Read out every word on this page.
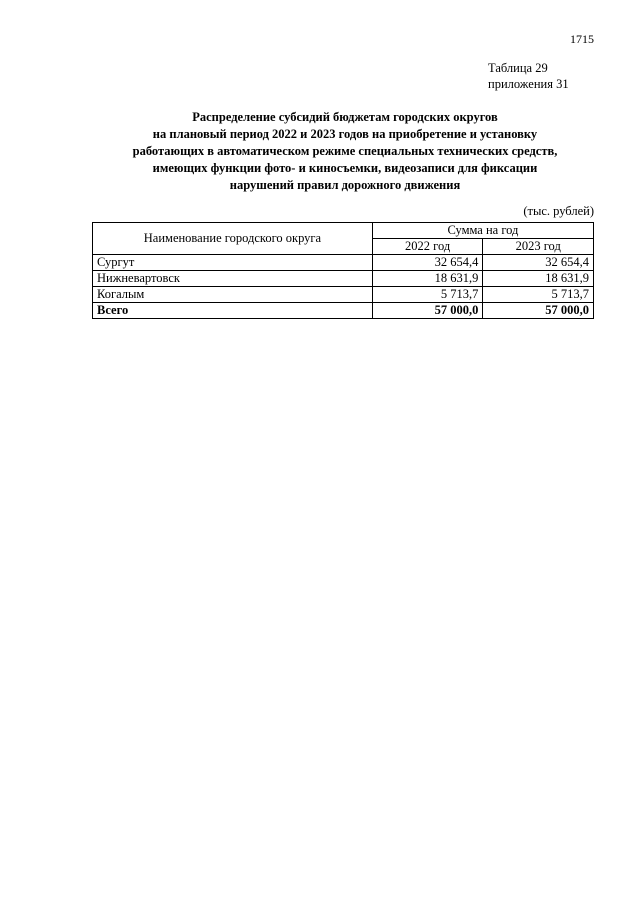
1715
Таблица 29
приложения 31
Распределение субсидий бюджетам городских округов
на плановый период 2022 и 2023 годов на приобретение и установку
работающих в автоматическом режиме специальных технических средств,
имеющих функции фото- и киносъемки, видеозаписи для фиксации
нарушений правил дорожного движения
(тыс. рублей)
Наименование городского округа	Сумма на год	
	2022 год	2023 год
Сургут	32 654,4	32 654,4
Нижневартовск	18 631,9	18 631,9
Когалым	5 713,7	5 713,7
Всего	57 000,0	57 000,0
